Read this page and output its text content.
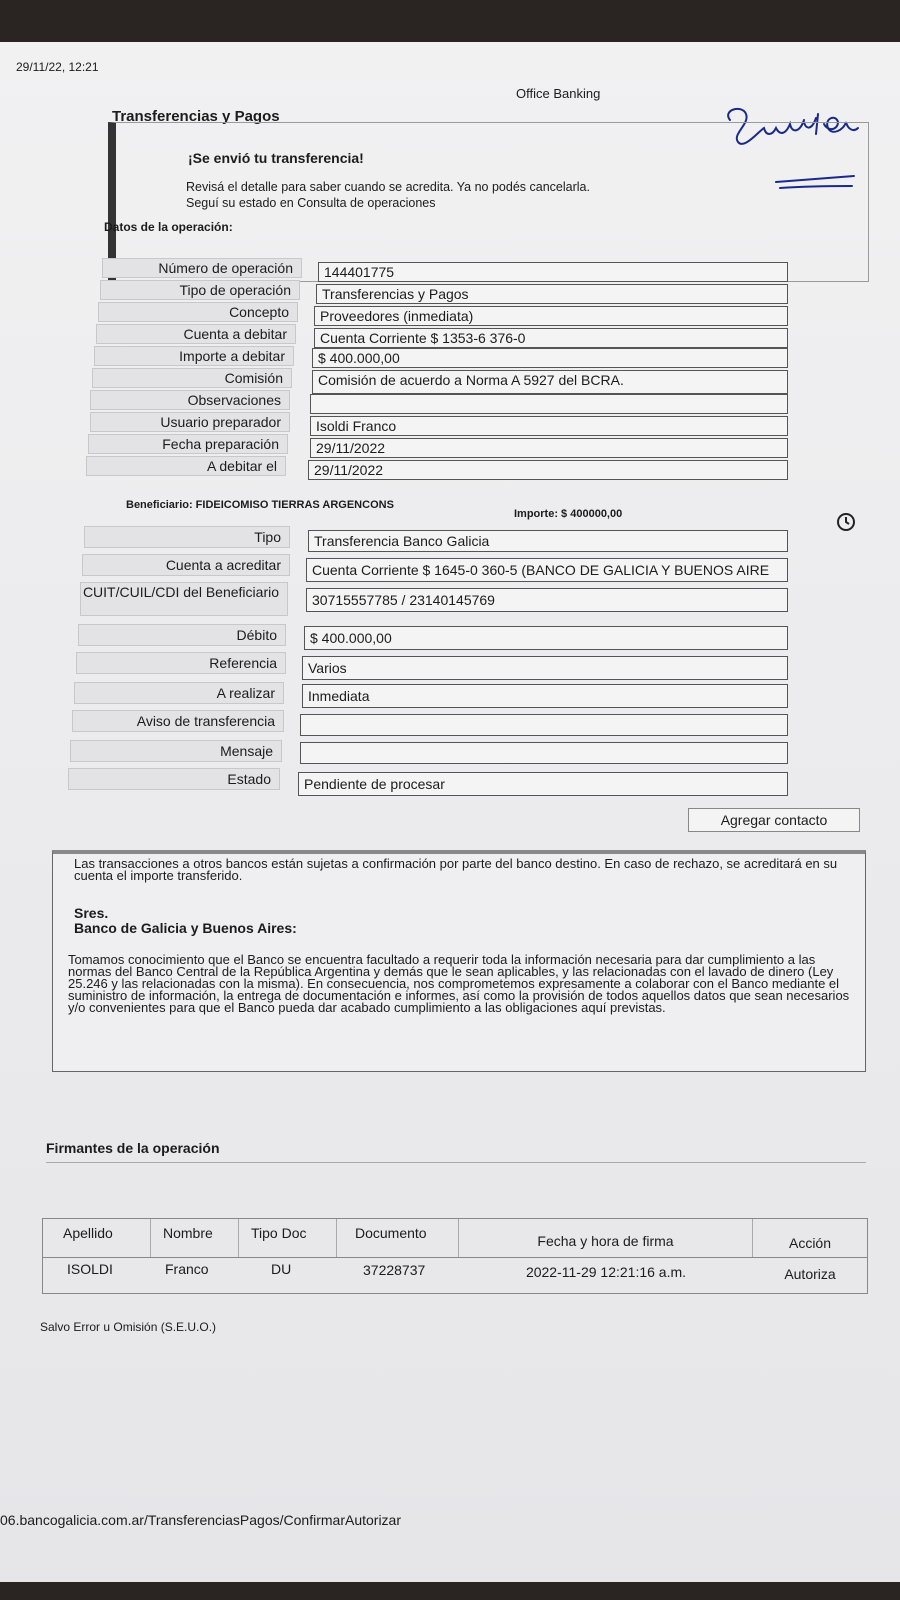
29/11/22, 12:21
Office Banking
Transferencias y Pagos
¡Se envió tu transferencia!
Revisá el detalle para saber cuando se acredita. Ya no podés cancelarla.
Seguí su estado en Consulta de operaciones
Datos de la operación:
Número de operación	144401775
Tipo de operación	Transferencias y Pagos
Concepto	Proveedores (inmediata)
Cuenta a debitar	Cuenta Corriente $ 1353-6 376-0
Importe a debitar	$ 400.000,00
Comisión	Comisión de acuerdo a Norma A 5927 del BCRA.
Observaciones
Usuario preparador	Isoldi Franco
Fecha preparación	29/11/2022
A debitar el	29/11/2022
Beneficiario: FIDEICOMISO TIERRAS ARGENCONS
Importe: $ 400000,00
Tipo	Transferencia Banco Galicia
Cuenta a acreditar	Cuenta Corriente $ 1645-0 360-5 (BANCO DE GALICIA Y BUENOS AIRE
CUIT/CUIL/CDI del Beneficiario	30715557785 / 23140145769
Débito	$ 400.000,00
Referencia	Varios
A realizar	Inmediata
Aviso de transferencia
Mensaje
Estado	Pendiente de procesar
Agregar contacto
Las transacciones a otros bancos están sujetas a confirmación por parte del banco destino. En caso de rechazo, se acreditará en su cuenta el importe transferido.
Sres.
Banco de Galicia y Buenos Aires:
Tomamos conocimiento que el Banco se encuentra facultado a requerir toda la información necesaria para dar cumplimiento a las normas del Banco Central de la República Argentina y demás que le sean aplicables, y las relacionadas con el lavado de dinero (Ley 25.246 y las relacionadas con la misma). En consecuencia, nos comprometemos expresamente a colaborar con el Banco mediante el suministro de información, la entrega de documentación e informes, así como la provisión de todos aquellos datos que sean necesarios y/o convenientes para que el Banco pueda dar acabado cumplimiento a las obligaciones aquí previstas.
Firmantes de la operación
Apellido	Nombre	Tipo Doc	Documento	Fecha y hora de firma	Acción
ISOLDI	Franco	DU	37228737	2022-11-29 12:21:16 a.m.	Autoriza
Salvo Error u Omisión (S.E.U.O.)
06.bancogalicia.com.ar/TransferenciasPagos/ConfirmarAutorizar
